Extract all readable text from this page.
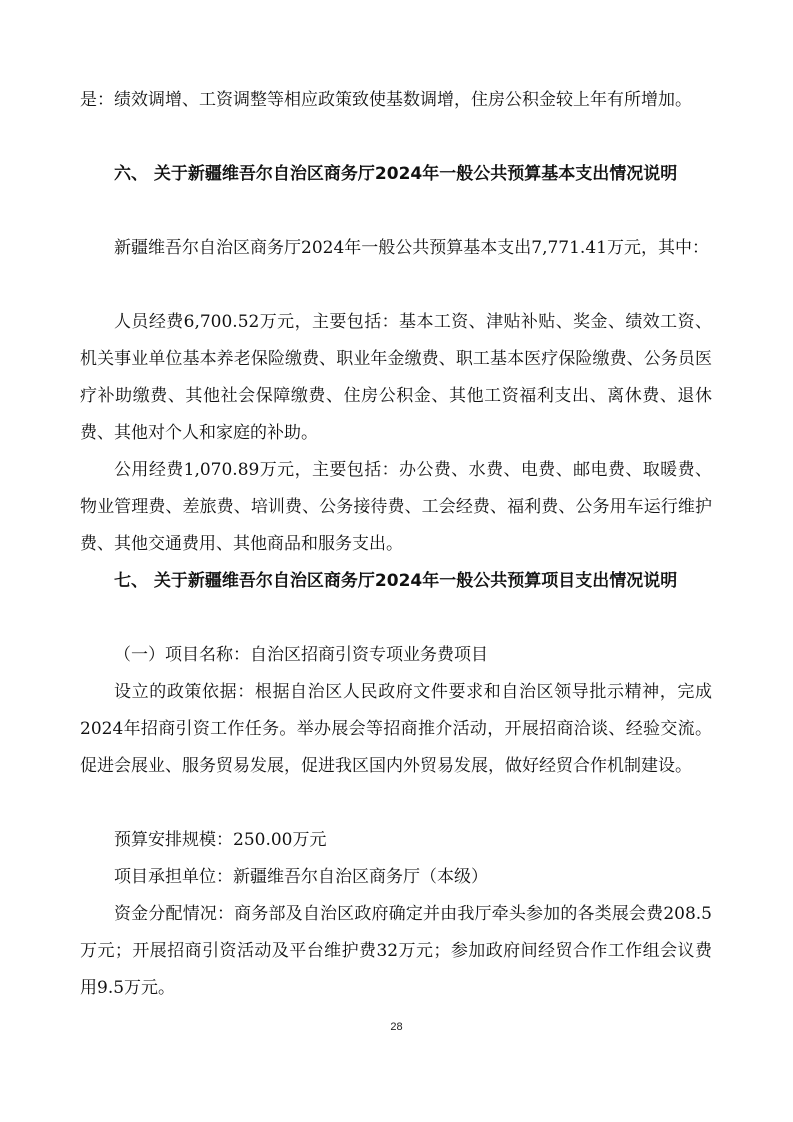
是：绩效调增、工资调整等相应政策致使基数调增，住房公积金较上年有所增加。

六、 关于新疆维吾尔自治区商务厅2024年一般公共预算基本支出情况说明

新疆维吾尔自治区商务厅2024年一般公共预算基本支出7,771.41万元，其中：

人员经费6,700.52万元，主要包括：基本工资、津贴补贴、奖金、绩效工资、机关事业单位基本养老保险缴费、职业年金缴费、职工基本医疗保险缴费、公务员医疗补助缴费、其他社会保障缴费、住房公积金、其他工资福利支出、离休费、退休费、其他对个人和家庭的补助。

公用经费1,070.89万元，主要包括：办公费、水费、电费、邮电费、取暖费、物业管理费、差旅费、培训费、公务接待费、工会经费、福利费、公务用车运行维护费、其他交通费用、其他商品和服务支出。

七、 关于新疆维吾尔自治区商务厅2024年一般公共预算项目支出情况说明

（一）项目名称：自治区招商引资专项业务费项目

设立的政策依据：根据自治区人民政府文件要求和自治区领导批示精神，完成2024年招商引资工作任务。举办展会等招商推介活动，开展招商洽谈、经验交流。促进会展业、服务贸易发展，促进我区国内外贸易发展，做好经贸合作机制建设。

预算安排规模：250.00万元

项目承担单位：新疆维吾尔自治区商务厅（本级）

资金分配情况：商务部及自治区政府确定并由我厅牵头参加的各类展会费208.5万元；开展招商引资活动及平台维护费32万元；参加政府间经贸合作工作组会议费用9.5万元。

28
